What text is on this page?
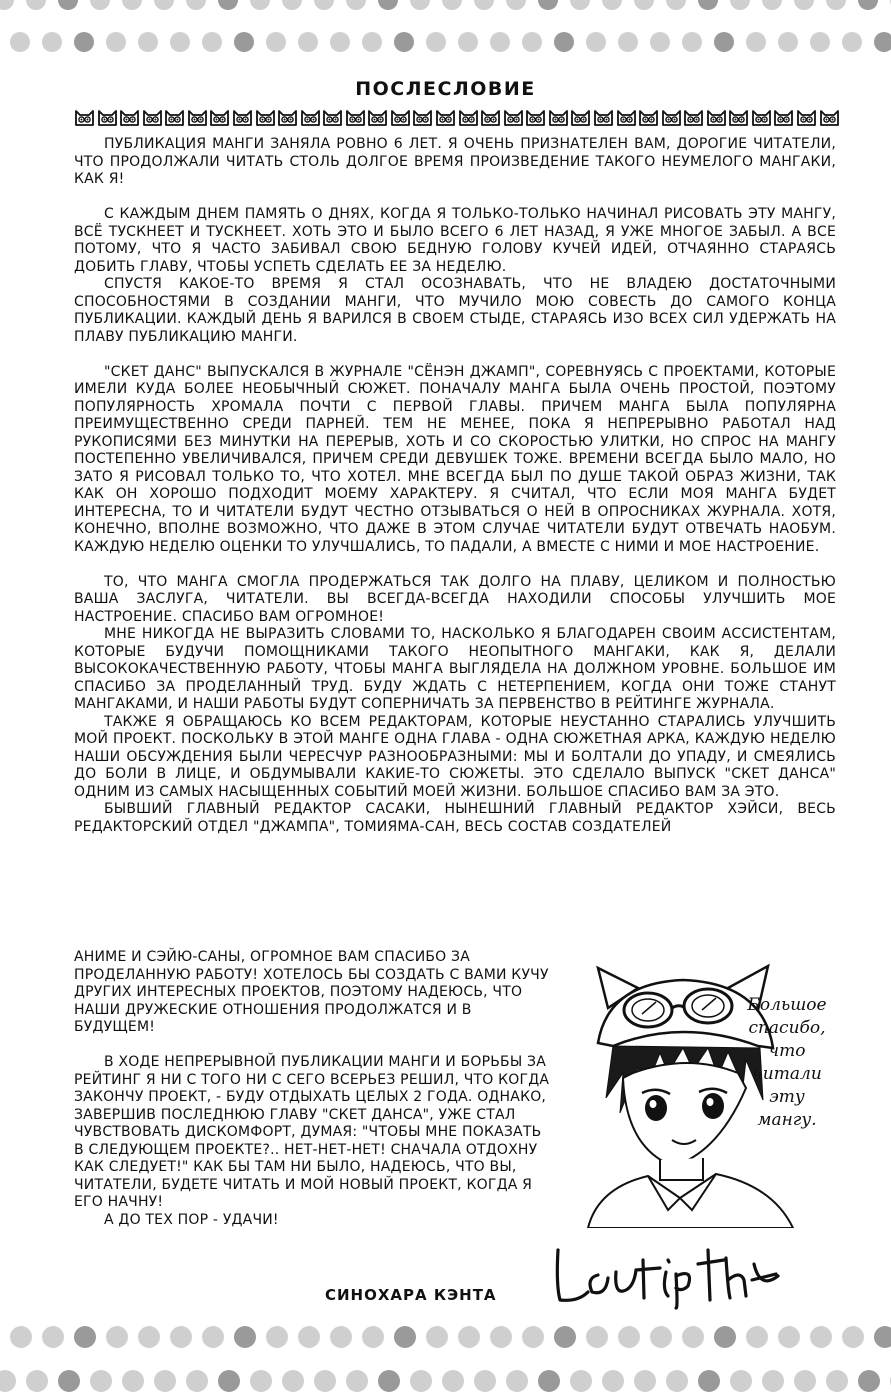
ПОСЛЕСЛОВИЕ

ПУБЛИКАЦИЯ МАНГИ ЗАНЯЛА РОВНО 6 ЛЕТ. Я ОЧЕНЬ ПРИЗНАТЕЛЕН ВАМ, ДОРОГИЕ ЧИТАТЕЛИ, ЧТО ПРОДОЛЖАЛИ ЧИТАТЬ СТОЛЬ ДОЛГОЕ ВРЕМЯ ПРОИЗВЕДЕНИЕ ТАКОГО НЕУМЕЛОГО МАНГАКИ, КАК Я!

С КАЖДЫМ ДНЕМ ПАМЯТЬ О ДНЯХ, КОГДА Я ТОЛЬКО-ТОЛЬКО НАЧИНАЛ РИСОВАТЬ ЭТУ МАНГУ, ВСЁ ТУСКНЕЕТ И ТУСКНЕЕТ. ХОТЬ ЭТО И БЫЛО ВСЕГО 6 ЛЕТ НАЗАД, Я УЖЕ МНОГОЕ ЗАБЫЛ. А ВСЕ ПОТОМУ, ЧТО Я ЧАСТО ЗАБИВАЛ СВОЮ БЕДНУЮ ГОЛОВУ КУЧЕЙ ИДЕЙ, ОТЧАЯННО СТАРАЯСЬ ДОБИТЬ ГЛАВУ, ЧТОБЫ УСПЕТЬ СДЕЛАТЬ ЕЕ ЗА НЕДЕЛЮ.

СПУСТЯ КАКОЕ-ТО ВРЕМЯ Я СТАЛ ОСОЗНАВАТЬ, ЧТО НЕ ВЛАДЕЮ ДОСТАТОЧНЫМИ СПОСОБНОСТЯМИ В СОЗДАНИИ МАНГИ, ЧТО МУЧИЛО МОЮ СОВЕСТЬ ДО САМОГО КОНЦА ПУБЛИКАЦИИ. КАЖДЫЙ ДЕНЬ Я ВАРИЛСЯ В СВОЕМ СТЫДЕ, СТАРАЯСЬ ИЗО ВСЕХ СИЛ УДЕРЖАТЬ НА ПЛАВУ ПУБЛИКАЦИЮ МАНГИ.

"СКЕТ ДАНС" ВЫПУСКАЛСЯ В ЖУРНАЛЕ "СЁНЭН ДЖАМП", СОРЕВНУЯСЬ С ПРОЕКТАМИ, КОТОРЫЕ ИМЕЛИ КУДА БОЛЕЕ НЕОБЫЧНЫЙ СЮЖЕТ. ПОНАЧАЛУ МАНГА БЫЛА ОЧЕНЬ ПРОСТОЙ, ПОЭТОМУ ПОПУЛЯРНОСТЬ ХРОМАЛА ПОЧТИ С ПЕРВОЙ ГЛАВЫ. ПРИЧЕМ МАНГА БЫЛА ПОПУЛЯРНА ПРЕИМУЩЕСТВЕННО СРЕДИ ПАРНЕЙ. ТЕМ НЕ МЕНЕЕ, ПОКА Я НЕПРЕРЫВНО РАБОТАЛ НАД РУКОПИСЯМИ БЕЗ МИНУТКИ НА ПЕРЕРЫВ, ХОТЬ И СО СКОРОСТЬЮ УЛИТКИ, НО СПРОС НА МАНГУ ПОСТЕПЕННО УВЕЛИЧИВАЛСЯ, ПРИЧЕМ СРЕДИ ДЕВУШЕК ТОЖЕ. ВРЕМЕНИ ВСЕГДА БЫЛО МАЛО, НО ЗАТО Я РИСОВАЛ ТОЛЬКО ТО, ЧТО ХОТЕЛ. МНЕ ВСЕГДА БЫЛ ПО ДУШЕ ТАКОЙ ОБРАЗ ЖИЗНИ, ТАК КАК ОН ХОРОШО ПОДХОДИТ МОЕМУ ХАРАКТЕРУ. Я СЧИТАЛ, ЧТО ЕСЛИ МОЯ МАНГА БУДЕТ ИНТЕРЕСНА, ТО И ЧИТАТЕЛИ БУДУТ ЧЕСТНО ОТЗЫВАТЬСЯ О НЕЙ В ОПРОСНИКАХ ЖУРНАЛА. ХОТЯ, КОНЕЧНО, ВПОЛНЕ ВОЗМОЖНО, ЧТО ДАЖЕ В ЭТОМ СЛУЧАЕ ЧИТАТЕЛИ БУДУТ ОТВЕЧАТЬ НАОБУМ. КАЖДУЮ НЕДЕЛЮ ОЦЕНКИ ТО УЛУЧШАЛИСЬ, ТО ПАДАЛИ, А ВМЕСТЕ С НИМИ И МОЕ НАСТРОЕНИЕ.

ТО, ЧТО МАНГА СМОГЛА ПРОДЕРЖАТЬСЯ ТАК ДОЛГО НА ПЛАВУ, ЦЕЛИКОМ И ПОЛНОСТЬЮ ВАША ЗАСЛУГА, ЧИТАТЕЛИ. ВЫ ВСЕГДА-ВСЕГДА НАХОДИЛИ СПОСОБЫ УЛУЧШИТЬ МОЕ НАСТРОЕНИЕ. СПАСИБО ВАМ ОГРОМНОЕ!

МНЕ НИКОГДА НЕ ВЫРАЗИТЬ СЛОВАМИ ТО, НАСКОЛЬКО Я БЛАГОДАРЕН СВОИМ АССИСТЕНТАМ, КОТОРЫЕ БУДУЧИ ПОМОЩНИКАМИ ТАКОГО НЕОПЫТНОГО МАНГАКИ, КАК Я, ДЕЛАЛИ ВЫСОКОКАЧЕСТВЕННУЮ РАБОТУ, ЧТОБЫ МАНГА ВЫГЛЯДЕЛА НА ДОЛЖНОМ УРОВНЕ. БОЛЬШОЕ ИМ СПАСИБО ЗА ПРОДЕЛАННЫЙ ТРУД. БУДУ ЖДАТЬ С НЕТЕРПЕНИЕМ, КОГДА ОНИ ТОЖЕ СТАНУТ МАНГАКАМИ, И НАШИ РАБОТЫ БУДУТ СОПЕРНИЧАТЬ ЗА ПЕРВЕНСТВО В РЕЙТИНГЕ ЖУРНАЛА.

ТАКЖЕ Я ОБРАЩАЮСЬ КО ВСЕМ РЕДАКТОРАМ, КОТОРЫЕ НЕУСТАННО СТАРАЛИСЬ УЛУЧШИТЬ МОЙ ПРОЕКТ. ПОСКОЛЬКУ В ЭТОЙ МАНГЕ ОДНА ГЛАВА - ОДНА СЮЖЕТНАЯ АРКА, КАЖДУЮ НЕДЕЛЮ НАШИ ОБСУЖДЕНИЯ БЫЛИ ЧЕРЕСЧУР РАЗНООБРАЗНЫМИ: МЫ И БОЛТАЛИ ДО УПАДУ, И СМЕЯЛИСЬ ДО БОЛИ В ЛИЦЕ, И ОБДУМЫВАЛИ КАКИЕ-ТО СЮЖЕТЫ. ЭТО СДЕЛАЛО ВЫПУСК "СКЕТ ДАНСА" ОДНИМ ИЗ САМЫХ НАСЫЩЕННЫХ СОБЫТИЙ МОЕЙ ЖИЗНИ. БОЛЬШОЕ СПАСИБО ВАМ ЗА ЭТО.

БЫВШИЙ ГЛАВНЫЙ РЕДАКТОР САСАКИ, НЫНЕШНИЙ ГЛАВНЫЙ РЕДАКТОР ХЭЙСИ, ВЕСЬ РЕДАКТОРСКИЙ ОТДЕЛ "ДЖАМПА", ТОМИЯМА-САН, ВЕСЬ СОСТАВ СОЗДАТЕЛЕЙ

АНИМЕ И СЭЙЮ-САНЫ, ОГРОМНОЕ ВАМ СПАСИБО ЗА ПРОДЕЛАННУЮ РАБОТУ! ХОТЕЛОСЬ БЫ СОЗДАТЬ С ВАМИ КУЧУ ДРУГИХ ИНТЕРЕСНЫХ ПРОЕКТОВ, ПОЭТОМУ НАДЕЮСЬ, ЧТО НАШИ ДРУЖЕСКИЕ ОТНОШЕНИЯ ПРОДОЛЖАТСЯ И В БУДУЩЕМ!

В ХОДЕ НЕПРЕРЫВНОЙ ПУБЛИКАЦИИ МАНГИ И БОРЬБЫ ЗА РЕЙТИНГ Я НИ С ТОГО НИ С СЕГО ВСЕРЬЕЗ РЕШИЛ, ЧТО КОГДА ЗАКОНЧУ ПРОЕКТ, - БУДУ ОТДЫХАТЬ ЦЕЛЫХ 2 ГОДА. ОДНАКО, ЗАВЕРШИВ ПОСЛЕДНЮЮ ГЛАВУ "СКЕТ ДАНСА", УЖЕ СТАЛ ЧУВСТВОВАТЬ ДИСКОМФОРТ, ДУМАЯ: "ЧТОБЫ МНЕ ПОКАЗАТЬ В СЛЕДУЮЩЕМ ПРОЕКТЕ?.. НЕТ-НЕТ-НЕТ! СНАЧАЛА ОТДОХНУ КАК СЛЕДУЕТ!" КАК БЫ ТАМ НИ БЫЛО, НАДЕЮСЬ, ЧТО ВЫ, ЧИТАТЕЛИ, БУДЕТЕ ЧИТАТЬ И МОЙ НОВЫЙ ПРОЕКТ, КОГДА Я ЕГО НАЧНУ!

А ДО ТЕХ ПОР - УДАЧИ!

СИНОХАРА КЭНТА
Большое
спасибо,
что
читали
эту
мангу.
